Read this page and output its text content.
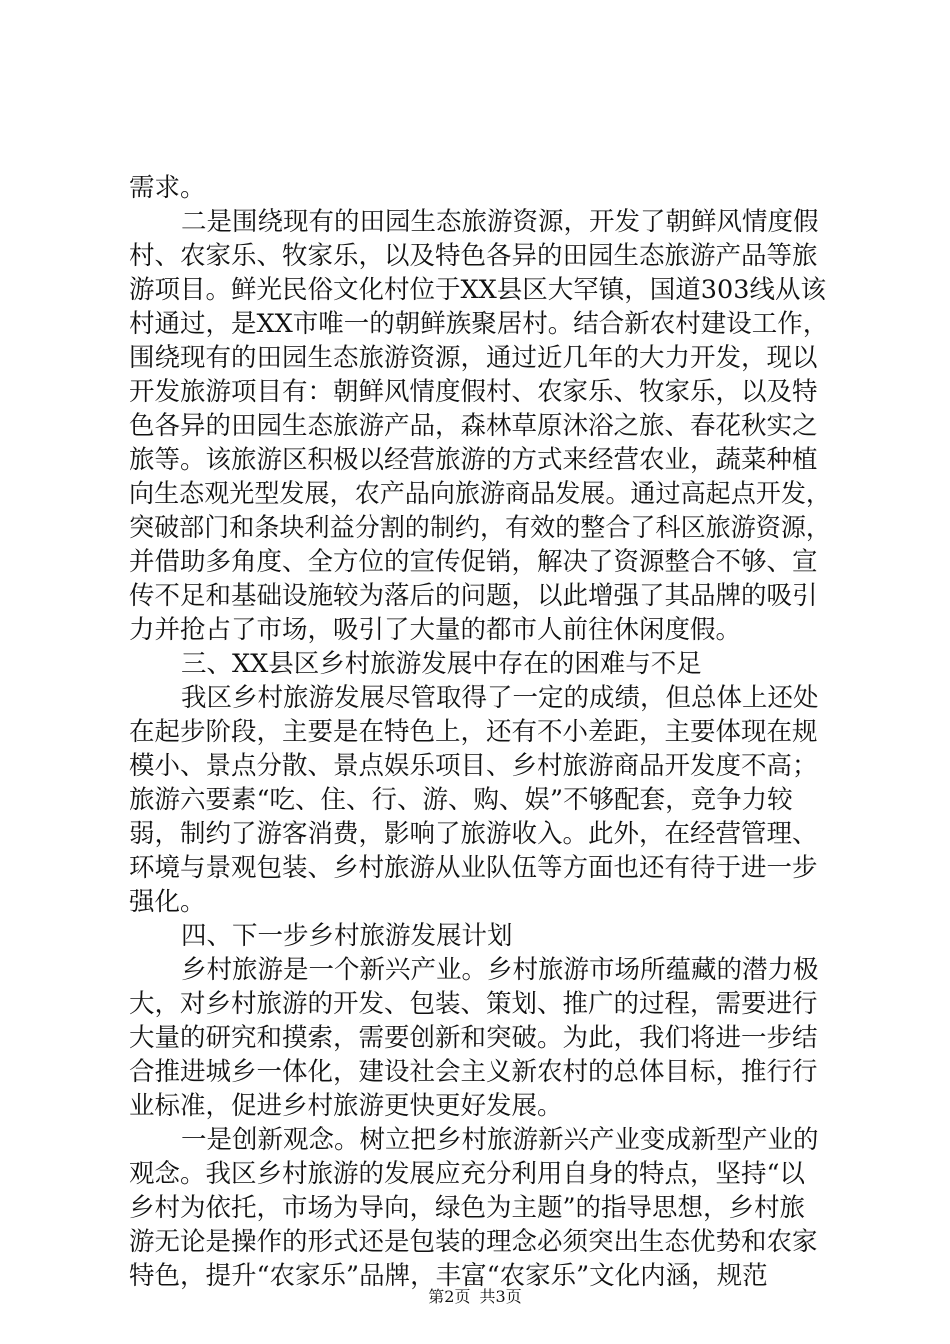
需求。
二是围绕现有的田园生态旅游资源，开发了朝鲜风情度假
村、农家乐、牧家乐，以及特色各异的田园生态旅游产品等旅
游项目。鲜光民俗文化村位于XX县区大罕镇，国道303线从该
村通过，是XX市唯一的朝鲜族聚居村。结合新农村建设工作，
围绕现有的田园生态旅游资源，通过近几年的大力开发，现以
开发旅游项目有：朝鲜风情度假村、农家乐、牧家乐，以及特
色各异的田园生态旅游产品，森林草原沐浴之旅、春花秋实之
旅等。该旅游区积极以经营旅游的方式来经营农业，蔬菜种植
向生态观光型发展，农产品向旅游商品发展。通过高起点开发，
突破部门和条块利益分割的制约，有效的整合了科区旅游资源，
并借助多角度、全方位的宣传促销，解决了资源整合不够、宣
传不足和基础设施较为落后的问题，以此增强了其品牌的吸引
力并抢占了市场，吸引了大量的都市人前往休闲度假。
三、XX县区乡村旅游发展中存在的困难与不足
我区乡村旅游发展尽管取得了一定的成绩，但总体上还处
在起步阶段，主要是在特色上，还有不小差距，主要体现在规
模小、景点分散、景点娱乐项目、乡村旅游商品开发度不高；
旅游六要素“吃、住、行、游、购、娱”不够配套，竞争力较
弱，制约了游客消费，影响了旅游收入。此外，在经营管理、
环境与景观包装、乡村旅游从业队伍等方面也还有待于进一步
强化。
四、下一步乡村旅游发展计划
乡村旅游是一个新兴产业。乡村旅游市场所蕴藏的潜力极
大，对乡村旅游的开发、包装、策划、推广的过程，需要进行
大量的研究和摸索，需要创新和突破。为此，我们将进一步结
合推进城乡一体化，建设社会主义新农村的总体目标，推行行
业标准，促进乡村旅游更快更好发展。
一是创新观念。树立把乡村旅游新兴产业变成新型产业的
观念。我区乡村旅游的发展应充分利用自身的特点，坚持“以
乡村为依托，市场为导向，绿色为主题”的指导思想，乡村旅
游无论是操作的形式还是包装的理念必须突出生态优势和农家
特色，提升“农家乐”品牌，丰富“农家乐”文化内涵，规范
第2页 共3页
